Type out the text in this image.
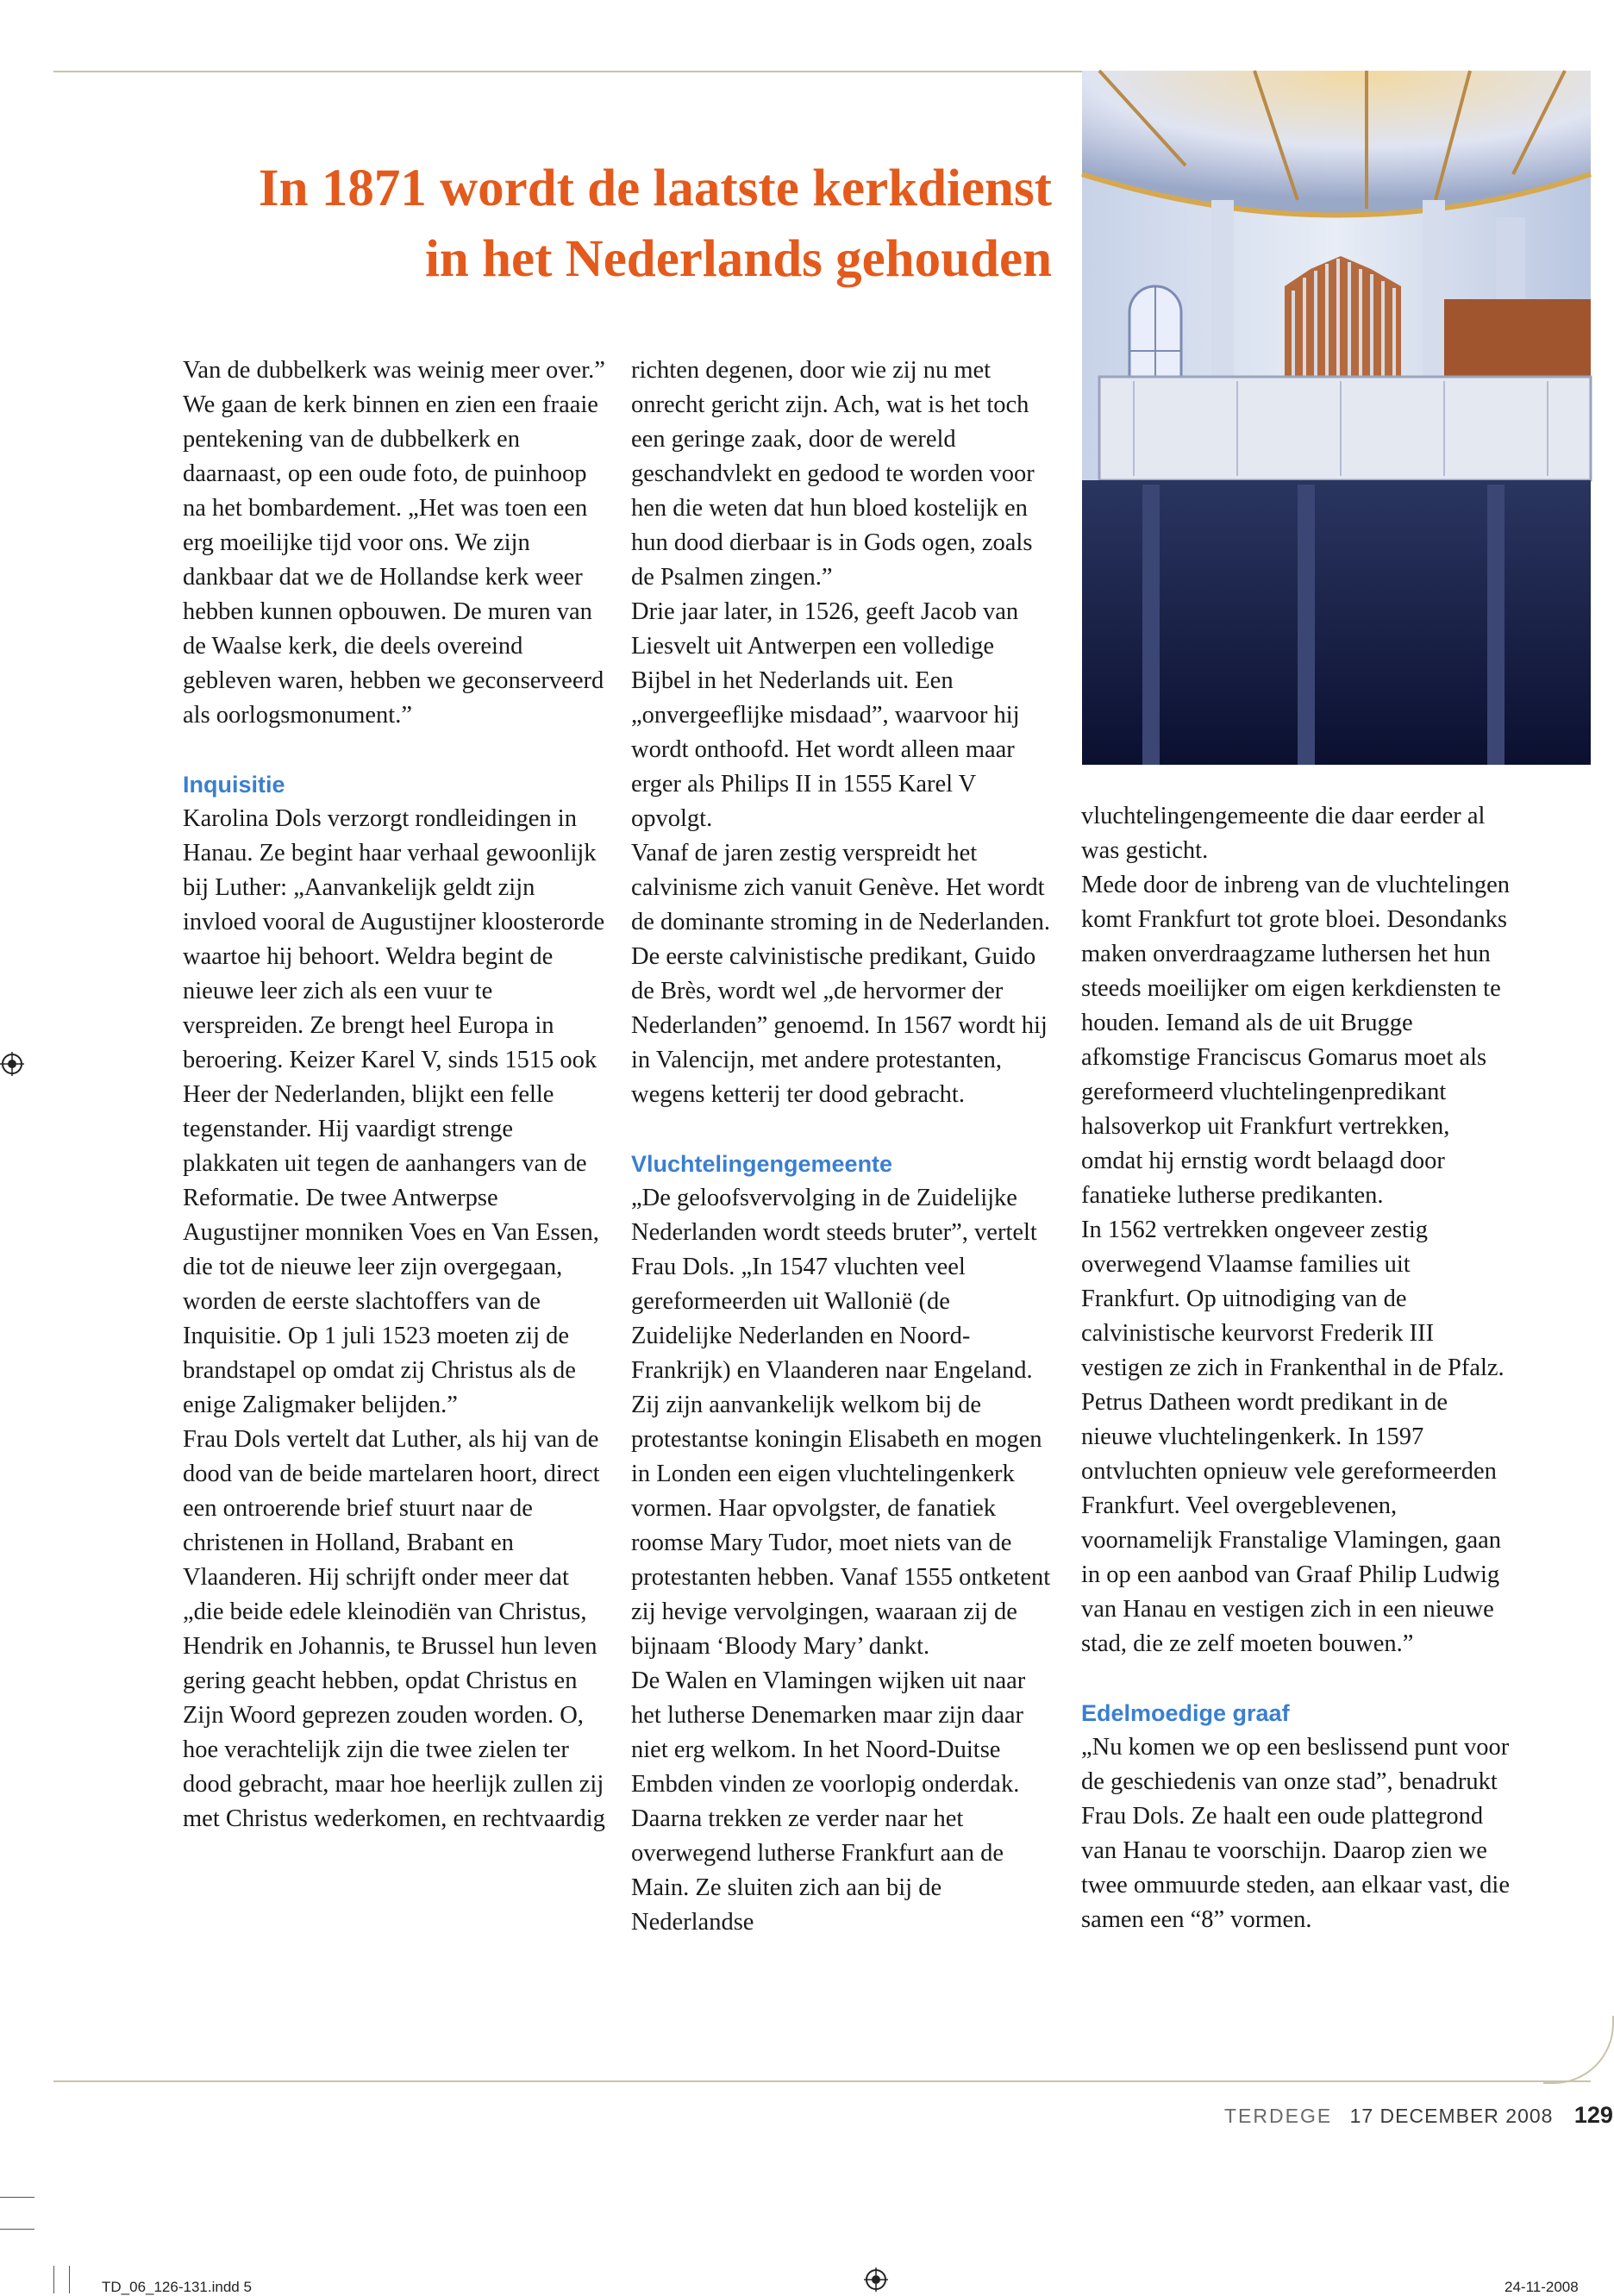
In 1871 wordt de laatste kerkdienst
in het Nederlands gehouden

Van de dubbelkerk was weinig meer over.”

We gaan de kerk binnen en zien een fraaie pentekening van de dubbelkerk en daarnaast, op een oude foto, de puinhoop na het bombardement. „Het was toen een erg moeilijke tijd voor ons. We zijn dankbaar dat we de Hollandse kerk weer hebben kunnen opbouwen. De muren van de Waalse kerk, die deels overeind gebleven waren, hebben we geconserveerd als oorlogsmonument.”

Inquisitie

Karolina Dols verzorgt rondleidingen in Hanau. Ze begint haar verhaal gewoonlijk bij Luther: „Aanvankelijk geldt zijn invloed vooral de Augustijner kloosterorde waartoe hij behoort. Weldra begint de nieuwe leer zich als een vuur te verspreiden. Ze brengt heel Europa in beroering. Keizer Karel V, sinds 1515 ook Heer der Nederlanden, blijkt een felle tegenstander. Hij vaardigt strenge plakkaten uit tegen de aanhangers van de Reformatie. De twee Antwerpse Augustijner monniken Voes en Van Essen, die tot de nieuwe leer zijn overgegaan, worden de eerste slachtoffers van de Inquisitie. Op 1 juli 1523 moeten zij de brandstapel op omdat zij Christus als de enige Zaligmaker belijden.”

Frau Dols vertelt dat Luther, als hij van de dood van de beide martelaren hoort, direct een ontroerende brief stuurt naar de christenen in Holland, Brabant en Vlaanderen. Hij schrijft onder meer dat „die beide edele kleinodiën van Christus, Hendrik en Johannis, te Brussel hun leven gering geacht hebben, opdat Christus en Zijn Woord geprezen zouden worden. O, hoe verachtelijk zijn die twee zielen ter dood gebracht, maar hoe heerlijk zullen zij met Christus wederkomen, en rechtvaardig

richten degenen, door wie zij nu met onrecht gericht zijn. Ach, wat is het toch een geringe zaak, door de wereld geschandvlekt en gedood te worden voor hen die weten dat hun bloed kostelijk en hun dood dierbaar is in Gods ogen, zoals de Psalmen zingen.”

Drie jaar later, in 1526, geeft Jacob van Liesvelt uit Antwerpen een volledige Bijbel in het Nederlands uit. Een „onvergeeflijke misdaad”, waarvoor hij wordt onthoofd. Het wordt alleen maar erger als Philips II in 1555 Karel V opvolgt.

Vanaf de jaren zestig verspreidt het calvinisme zich vanuit Genève. Het wordt de dominante stroming in de Nederlanden. De eerste calvinistische predikant, Guido de Brès, wordt wel „de hervormer der Nederlanden” genoemd. In 1567 wordt hij in Valencijn, met andere protestanten, wegens ketterij ter dood gebracht.

Vluchtelingengemeente

„De geloofsvervolging in de Zuidelijke Nederlanden wordt steeds bruter”, vertelt Frau Dols. „In 1547 vluchten veel gereformeerden uit Wallonië (de Zuidelijke Nederlanden en Noord-Frankrijk) en Vlaanderen naar Engeland. Zij zijn aanvankelijk welkom bij de protestantse koningin Elisabeth en mogen in Londen een eigen vluchtelingenkerk vormen. Haar opvolgster, de fanatiek roomse Mary Tudor, moet niets van de protestanten hebben. Vanaf 1555 ontketent zij hevige vervolgingen, waaraan zij de bijnaam ‘Bloody Mary’ dankt.

De Walen en Vlamingen wijken uit naar het lutherse Denemarken maar zijn daar niet erg welkom. In het Noord-Duitse Embden vinden ze voorlopig onderdak. Daarna trekken ze verder naar het overwegend lutherse Frankfurt aan de Main. Ze sluiten zich aan bij de Nederlandse

vluchtelingengemeente die daar eerder al was gesticht.

Mede door de inbreng van de vluchtelingen komt Frankfurt tot grote bloei. Desondanks maken onverdraagzame luthersen het hun steeds moeilijker om eigen kerkdiensten te houden. Iemand als de uit Brugge afkomstige Franciscus Gomarus moet als gereformeerd vluchtelingenpredikant halsoverkop uit Frankfurt vertrekken, omdat hij ernstig wordt belaagd door fanatieke lutherse predikanten.

In 1562 vertrekken ongeveer zestig overwegend Vlaamse families uit Frankfurt. Op uitnodiging van de calvinistische keurvorst Frederik III vestigen ze zich in Frankenthal in de Pfalz. Petrus Datheen wordt predikant in de nieuwe vluchtelingenkerk. In 1597 ontvluchten opnieuw vele gereformeerden Frankfurt. Veel overgeblevenen, voornamelijk Franstalige Vlamingen, gaan in op een aanbod van Graaf Philip Ludwig van Hanau en vestigen zich in een nieuwe stad, die ze zelf moeten bouwen.”

Edelmoedige graaf

„Nu komen we op een beslissend punt voor de geschiedenis van onze stad”, benadrukt Frau Dols. Ze haalt een oude plattegrond van Hanau te voorschijn. Daarop zien we twee ommuurde steden, aan elkaar vast, die samen een “8” vormen.

TERDEGE 17 DECEMBER 2008 129
TD_06_126-131.indd 5	24-11-2008
